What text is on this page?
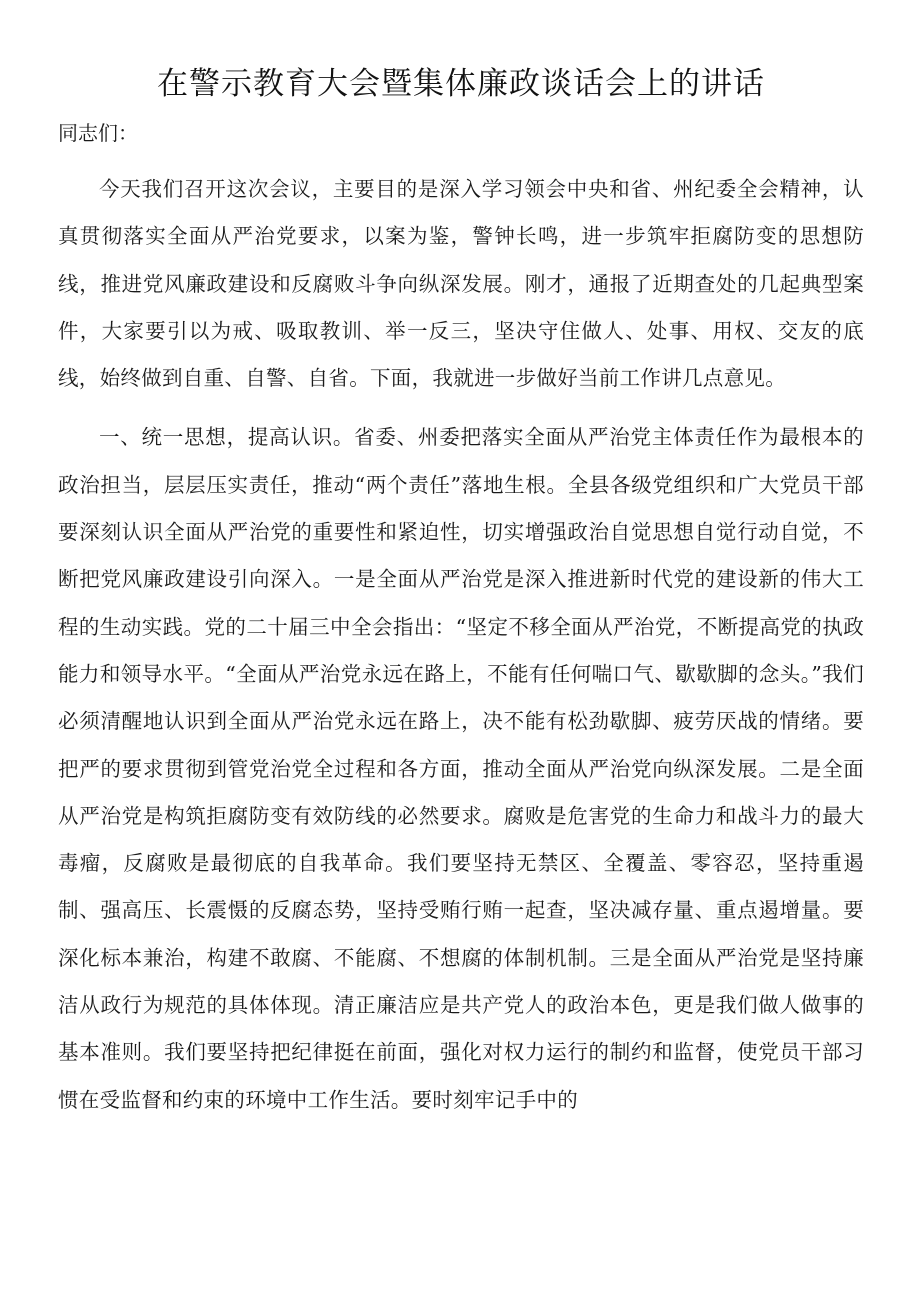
在警示教育大会暨集体廉政谈话会上的讲话

同志们：

今天我们召开这次会议，主要目的是深入学习领会中央和省、州纪委全会精神，认真贯彻落实全面从严治党要求，以案为鉴，警钟长鸣，进一步筑牢拒腐防变的思想防线，推进党风廉政建设和反腐败斗争向纵深发展。刚才，通报了近期查处的几起典型案件，大家要引以为戒、吸取教训、举一反三，坚决守住做人、处事、用权、交友的底线，始终做到自重、自警、自省。下面，我就进一步做好当前工作讲几点意见。

一、统一思想，提高认识。省委、州委把落实全面从严治党主体责任作为最根本的政治担当，层层压实责任，推动“两个责任”落地生根。全县各级党组织和广大党员干部要深刻认识全面从严治党的重要性和紧迫性，切实增强政治自觉思想自觉行动自觉，不断把党风廉政建设引向深入。一是全面从严治党是深入推进新时代党的建设新的伟大工程的生动实践。党的二十届三中全会指出：“坚定不移全面从严治党，不断提高党的执政能力和领导水平。“全面从严治党永远在路上，不能有任何喘口气、歇歇脚的念头。”我们必须清醒地认识到全面从严治党永远在路上，决不能有松劲歇脚、疲劳厌战的情绪。要把严的要求贯彻到管党治党全过程和各方面，推动全面从严治党向纵深发展。二是全面从严治党是构筑拒腐防变有效防线的必然要求。腐败是危害党的生命力和战斗力的最大毒瘤，反腐败是最彻底的自我革命。我们要坚持无禁区、全覆盖、零容忍，坚持重遏制、强高压、长震慑的反腐态势，坚持受贿行贿一起查，坚决减存量、重点遏增量。要深化标本兼治，构建不敢腐、不能腐、不想腐的体制机制。三是全面从严治党是坚持廉洁从政行为规范的具体体现。清正廉洁应是共产党人的政治本色，更是我们做人做事的基本准则。我们要坚持把纪律挺在前面，强化对权力运行的制约和监督，使党员干部习惯在受监督和约束的环境中工作生活。要时刻牢记手中的
